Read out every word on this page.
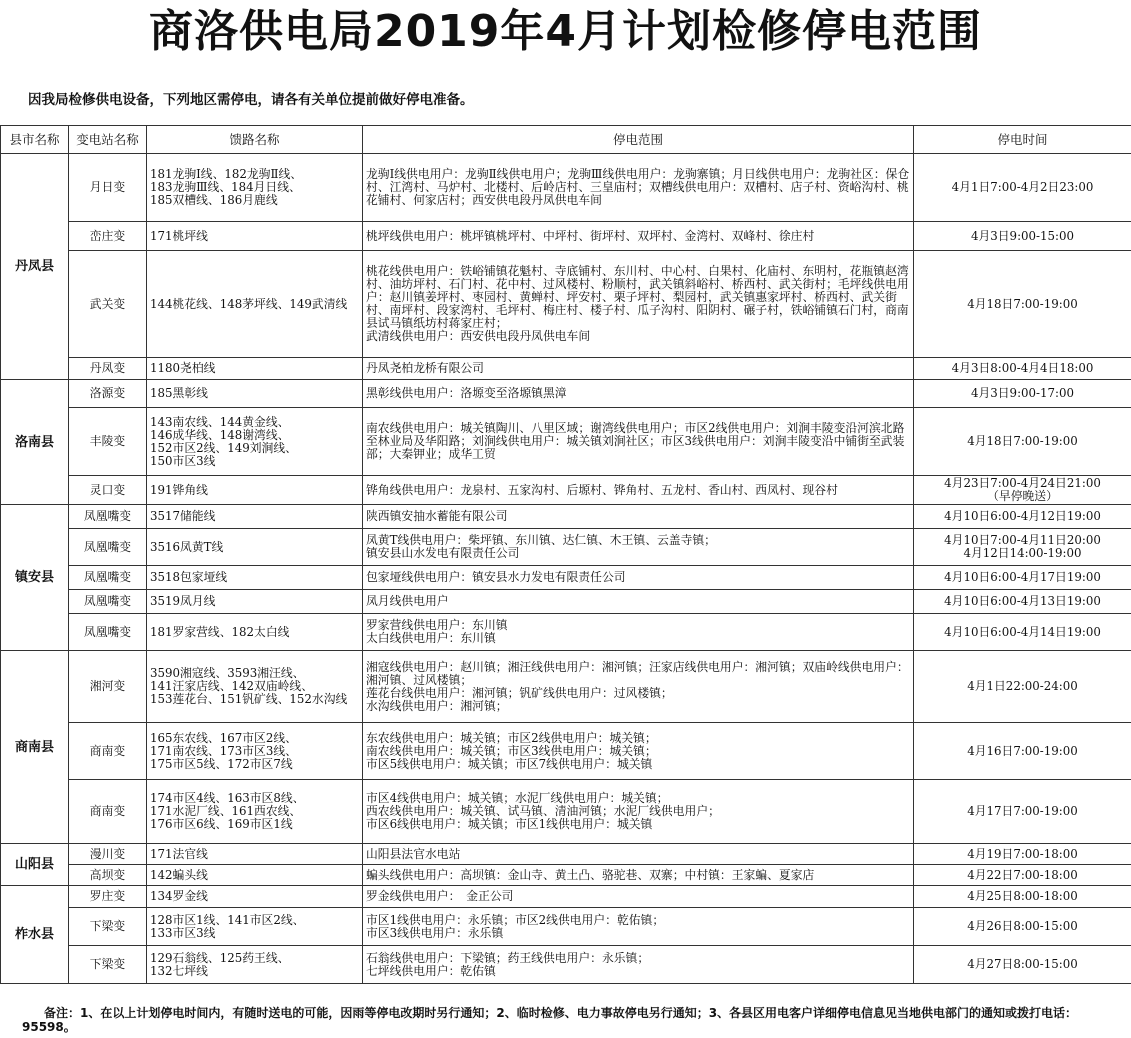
商洛供电局2019年4月计划检修停电范围
因我局检修供电设备，下列地区需停电，请各有关单位提前做好停电准备。
县市名称	变电站名称	馈路名称	停电范围	停电时间
丹凤县	月日变	181龙驹Ⅰ线、182龙驹Ⅱ线、
183龙驹Ⅲ线、184月日线、
185双槽线、186月鹿线	龙驹Ⅰ线供电用户：龙驹Ⅱ线供电用户；龙驹Ⅲ线供电用户：龙驹寨镇；月日线供电用户：龙驹社区：保仓村、江湾村、马炉村、北楼村、后岭店村、三皇庙村；双槽线供电用户：双槽村、店子村、资峪沟村、桃花铺村、何家店村；西安供电段丹凤供电车间	4月1日7:00-4月2日23:00
	峦庄变	171桃坪线	桃坪线供电用户：桃坪镇桃坪村、中坪村、街坪村、双坪村、金湾村、双峰村、徐庄村	4月3日9:00-15:00
	武关变	144桃花线、148茅坪线、149武清线	桃花线供电用户：铁峪铺镇花魁村、寺底铺村、东川村、中心村、白果村、化庙村、东明村，花瓶镇赵湾村、油坊坪村、石门村、花中村、过风楼村、粉顺村，武关镇斜峪村、桥西村、武关街村；毛坪线供电用户：赵川镇姜坪村、枣园村、黄蝉村、坪安村、栗子坪村、梨园村，武关镇惠家坪村、桥西村、武关街村、南坪村、段家湾村、毛坪村、梅庄村、楼子村、瓜子沟村、阳阴村、碾子村，铁峪铺镇石门村，商南县试马镇纸坊村蒋家庄村；
武清线供电用户：西安供电段丹凤供电车间	4月18日7:00-19:00
	丹凤变	1180尧柏线	丹凤尧柏龙桥有限公司	4月3日8:00-4月4日18:00
洛南县	洛源变	185黑彰线	黑彰线供电用户：洛塬变至洛塬镇黑漳	4月3日9:00-17:00
	丰陵变	143南农线、144黄金线、
146成华线、148谢湾线、
152市区2线、149刘涧线、
150市区3线	南农线供电用户：城关镇陶川、八里区域；谢湾线供电用户；市区2线供电用户：刘涧丰陵变沿河滨北路至林业局及华阳路；刘涧线供电用户：城关镇刘涧社区；市区3线供电用户：刘涧丰陵变沿中铺街至武装部；大秦钾业；成华工贸	4月18日7:00-19:00
	灵口变	191铧角线	铧角线供电用户：龙泉村、五家沟村、后塬村、铧角村、五龙村、香山村、西凤村、现谷村	4月23日7:00-4月24日21:00
（早停晚送）
镇安县	凤凰嘴变	3517储能线	陕西镇安抽水蓄能有限公司	4月10日6:00-4月12日19:00
	凤凰嘴变	3516凤黄T线	凤黄T线供电用户：柴坪镇、东川镇、达仁镇、木王镇、云盖寺镇；
镇安县山水发电有限责任公司	4月10日7:00-4月11日20:00
4月12日14:00-19:00
	凤凰嘴变	3518包家垭线	包家垭线供电用户：镇安县水力发电有限责任公司	4月10日6:00-4月17日19:00
	凤凰嘴变	3519凤月线	凤月线供电用户	4月10日6:00-4月13日19:00
	凤凰嘴变	181罗家营线、182太白线	罗家营线供电用户：东川镇
太白线供电用户：东川镇	4月10日6:00-4月14日19:00
商南县	湘河变	3590湘寇线、3593湘汪线、
141汪家店线、142双庙岭线、
153莲花台、151钒矿线、152水沟线	湘寇线供电用户：赵川镇；湘汪线供电用户：湘河镇；汪家店线供电用户：湘河镇；双庙岭线供电用户：湘河镇、过风楼镇；
莲花台线供电用户：湘河镇；钒矿线供电用户：过风楼镇；
水沟线供电用户：湘河镇；	4月1日22:00-24:00
	商南变	165东农线、167市区2线、
171南农线、173市区3线、
175市区5线、172市区7线	东农线供电用户：城关镇；市区2线供电用户：城关镇；
南农线供电用户：城关镇；市区3线供电用户：城关镇；
市区5线供电用户：城关镇；市区7线供电用户：城关镇	4月16日7:00-19:00
	商南变	174市区4线、163市区8线、
171水泥厂线、161西农线、
176市区6线、169市区1线	市区4线供电用户：城关镇；水泥厂线供电用户：城关镇；
西农线供电用户：城关镇、试马镇、清油河镇；水泥厂线供电用户；
市区6线供电用户：城关镇；市区1线供电用户：城关镇	4月17日7:00-19:00
山阳县	漫川变	171法官线	山阳县法官水电站	4月19日7:00-18:00
	高坝变	142蝙头线	蝙头线供电用户：高坝镇：金山寺、黄土凸、骆驼巷、双寨；中村镇：王家蝙、夏家店	4月22日7:00-18:00
柞水县	罗庄变	134罗金线	罗金线供电用户：　金正公司	4月25日8:00-18:00
	下梁变	128市区1线、141市区2线、
133市区3线	市区1线供电用户：永乐镇；市区2线供电用户：乾佑镇；
市区3线供电用户：永乐镇	4月26日8:00-15:00
	下梁变	129石翁线、125药王线、
132七坪线	石翁线供电用户：下梁镇；药王线供电用户：永乐镇；
七坪线供电用户：乾佑镇	4月27日8:00-15:00
备注：1、在以上计划停电时间内，有随时送电的可能，因雨等停电改期时另行通知；2、临时检修、电力事故停电另行通知；3、各县区用电客户详细停电信息见当地供电部门的通知或拨打电话：95598。
